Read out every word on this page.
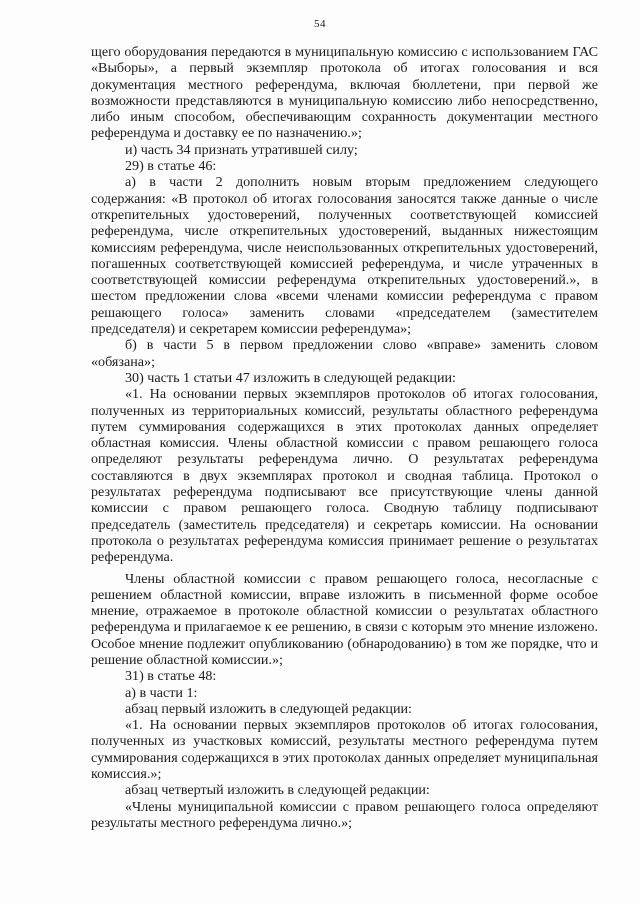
54

щего оборудования передаются в муниципальную комиссию с использованием ГАС «Выборы», а первый экземпляр протокола об итогах голосования и вся документация местного референдума, включая бюллетени, при первой же возможности представляются в муниципальную комиссию либо непосредственно, либо иным способом, обеспечивающим сохранность документации местного референдума и доставку ее по назначению.»;

и) часть 34 признать утратившей силу;

29) в статье 46:

а) в части 2 дополнить новым вторым предложением следующего содержания: «В протокол об итогах голосования заносятся также данные о числе открепительных удостоверений, полученных соответствующей комиссией референдума, числе открепительных удостоверений, выданных нижестоящим комиссиям референдума, числе неиспользованных открепительных удостоверений, погашенных соответствующей комиссией референдума, и числе утраченных в соответствующей комиссии референдума открепительных удостоверений.», в шестом предложении слова «всеми членами комиссии референдума с правом решающего голоса» заменить словами «председателем (заместителем председателя) и секретарем комиссии референдума»;

б) в части 5 в первом предложении слово «вправе» заменить словом «обязана»;

30) часть 1 статьи 47 изложить в следующей редакции:

«1. На основании первых экземпляров протоколов об итогах голосования, полученных из территориальных комиссий, результаты областного референдума путем суммирования содержащихся в этих протоколах данных определяет областная комиссия. Члены областной комиссии с правом решающего голоса определяют результаты референдума лично. О результатах референдума составляются в двух экземплярах протокол и сводная таблица. Протокол о результатах референдума подписывают все присутствующие члены данной комиссии с правом решающего голоса. Сводную таблицу подписывают председатель (заместитель председателя) и секретарь комиссии. На основании протокола о результатах референдума комиссия принимает решение о результатах референдума.

Члены областной комиссии с правом решающего голоса, несогласные с решением областной комиссии, вправе изложить в письменной форме особое мнение, отражаемое в протоколе областной комиссии о результатах областного референдума и прилагаемое к ее решению, в связи с которым это мнение изложено. Особое мнение подлежит опубликованию (обнародованию) в том же порядке, что и решение областной комиссии.»;

31) в статье 48:

а) в части 1:

абзац первый изложить в следующей редакции:

«1. На основании первых экземпляров протоколов об итогах голосования, полученных из участковых комиссий, результаты местного референдума путем суммирования содержащихся в этих протоколах данных определяет муниципальная комиссия.»;

абзац четвертый изложить в следующей редакции:

«Члены муниципальной комиссии с правом решающего голоса определяют результаты местного референдума лично.»;
